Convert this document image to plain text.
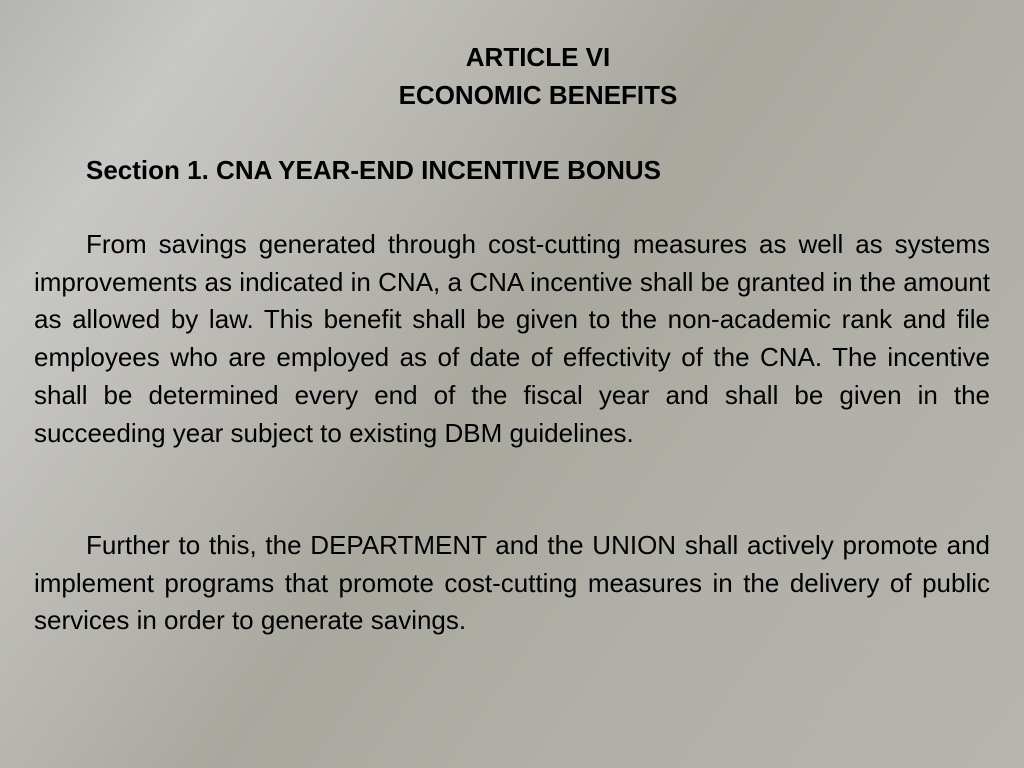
ARTICLE VI
ECONOMIC BENEFITS
Section 1. CNA YEAR-END INCENTIVE BONUS

From savings generated through cost-cutting measures as well as systems improvements as indicated in CNA, a CNA incentive shall be granted in the amount as allowed by law. This benefit shall be given to the non-academic rank and file employees who are employed as of date of effectivity of the CNA. The incentive shall be determined every end of the fiscal year and shall be given in the succeeding year subject to existing DBM guidelines.

Further to this, the DEPARTMENT and the UNION shall actively promote and implement programs that promote cost-cutting measures in the delivery of public services in order to generate savings.
